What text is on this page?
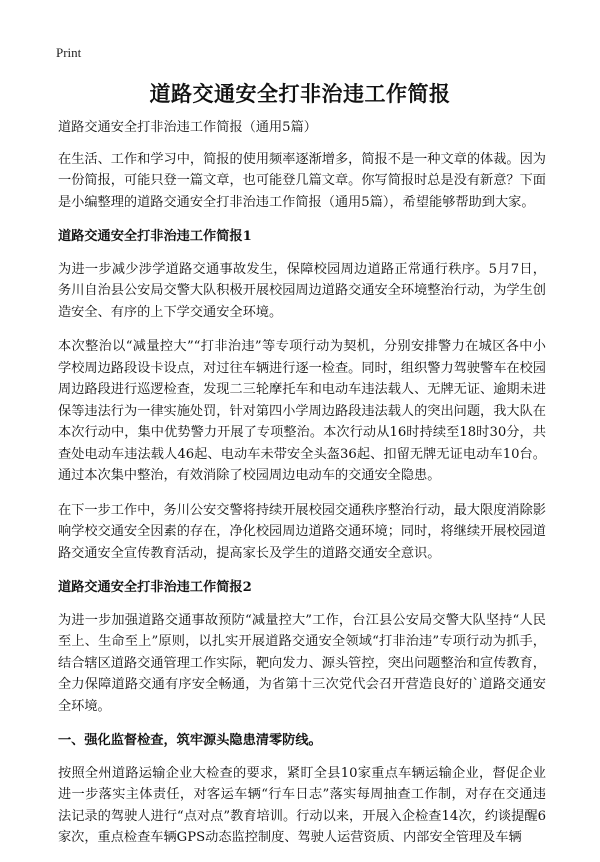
Print
道路交通安全打非治违工作简报

道路交通安全打非治违工作简报（通用5篇）

在生活、工作和学习中，简报的使用频率逐渐增多，简报不是一种文章的体裁。因为一份简报，可能只登一篇文章，也可能登几篇文章。你写简报时总是没有新意？下面是小编整理的道路交通安全打非治违工作简报（通用5篇），希望能够帮助到大家。

道路交通安全打非治违工作简报1

为进一步减少涉学道路交通事故发生，保障校园周边道路正常通行秩序。5月7日，务川自治县公安局交警大队积极开展校园周边道路交通安全环境整治行动，为学生创造安全、有序的上下学交通安全环境。

本次整治以“减量控大”“打非治违”等专项行动为契机，分别安排警力在城区各中小学校周边路段设卡设点，对过往车辆进行逐一检查。同时，组织警力驾驶警车在校园周边路段进行巡逻检查，发现二三轮摩托车和电动车违法载人、无牌无证、逾期未进保等违法行为一律实施处罚，针对第四小学周边路段违法载人的突出问题，我大队在本次行动中，集中优势警力开展了专项整治。本次行动从16时持续至18时30分，共查处电动车违法载人46起、电动车未带安全头盔36起、扣留无牌无证电动车10台。通过本次集中整治，有效消除了校园周边电动车的交通安全隐患。

在下一步工作中，务川公安交警将持续开展校园交通秩序整治行动，最大限度消除影响学校交通安全因素的存在，净化校园周边道路交通环境；同时，将继续开展校园道路交通安全宣传教育活动，提高家长及学生的道路交通安全意识。

道路交通安全打非治违工作简报2

为进一步加强道路交通事故预防“减量控大”工作，台江县公安局交警大队坚持“人民至上、生命至上”原则，以扎实开展道路交通安全领域“打非治违”专项行动为抓手，结合辖区道路交通管理工作实际，靶向发力、源头管控，突出问题整治和宣传教育，全力保障道路交通有序安全畅通，为省第十三次党代会召开营造良好的`道路交通安全环境。

一、强化监督检查，筑牢源头隐患清零防线。

按照全州道路运输企业大检查的要求，紧盯全县10家重点车辆运输企业，督促企业进一步落实主体责任，对客运车辆“行车日志”落实每周抽查工作制，对存在交通违法记录的驾驶人进行“点对点”教育培训。行动以来，开展入企检查14次，约谈提醒6家次，重点检查车辆GPS动态监控制度、驾驶人运营资质、内部安全管理及车辆
